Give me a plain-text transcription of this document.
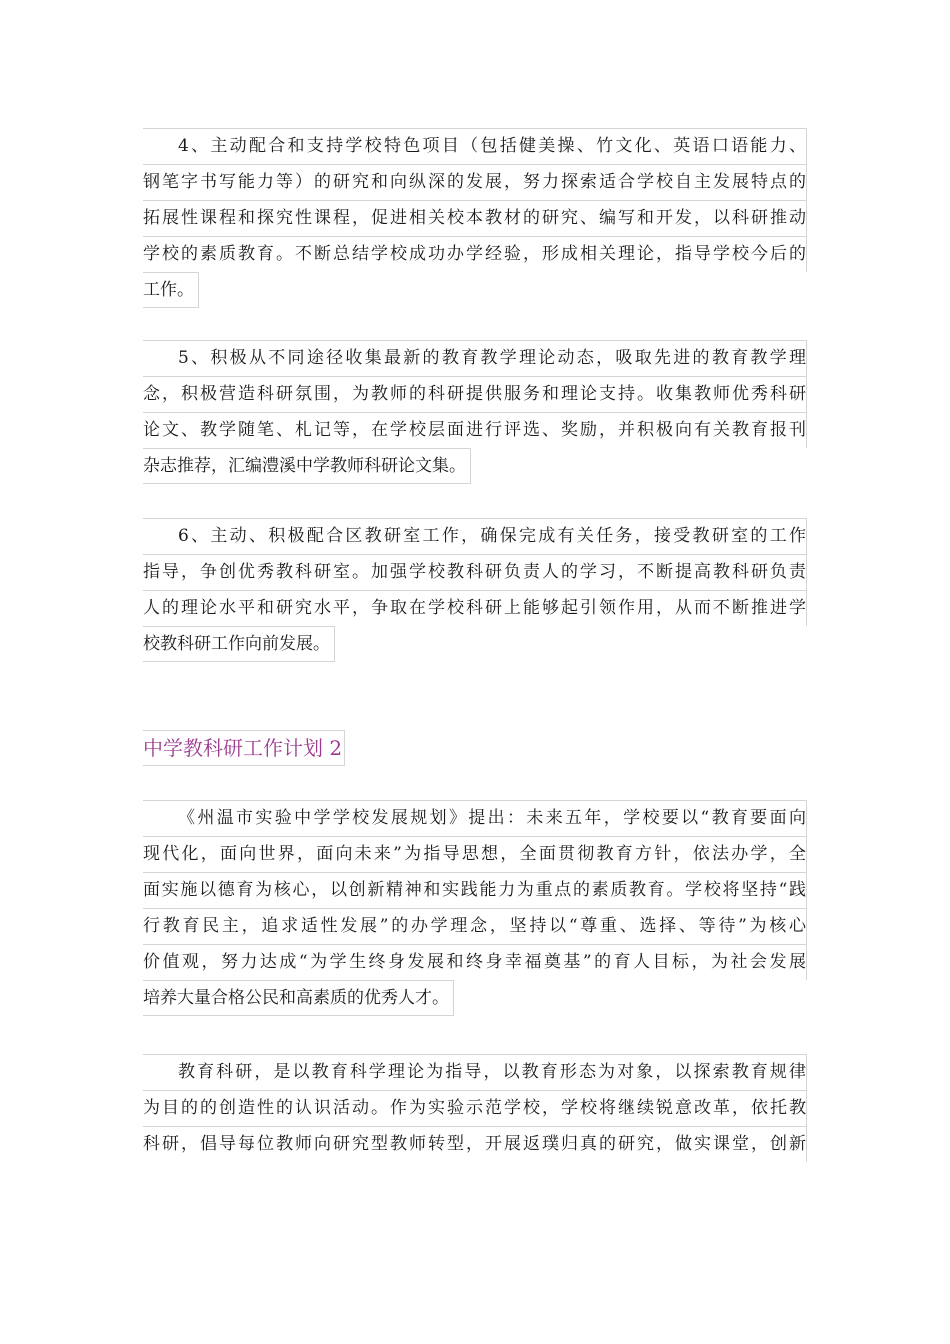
4、主动配合和支持学校特色项目（包括健美操、竹文化、英语口语能力、
钢笔字书写能力等）的研究和向纵深的发展，努力探索适合学校自主发展特点的
拓展性课程和探究性课程，促进相关校本教材的研究、编写和开发，以科研推动
学校的素质教育。不断总结学校成功办学经验，形成相关理论，指导学校今后的
工作。
5、积极从不同途径收集最新的教育教学理论动态，吸取先进的教育教学理
念，积极营造科研氛围，为教师的科研提供服务和理论支持。收集教师优秀科研
论文、教学随笔、札记等，在学校层面进行评选、奖励，并积极向有关教育报刊
杂志推荐，汇编澧溪中学教师科研论文集。
6、主动、积极配合区教研室工作，确保完成有关任务，接受教研室的工作
指导，争创优秀教科研室。加强学校教科研负责人的学习，不断提高教科研负责
人的理论水平和研究水平，争取在学校科研上能够起引领作用，从而不断推进学
校教科研工作向前发展。
中学教科研工作计划 2
《州温市实验中学学校发展规划》提出：未来五年，学校要以“教育要面向
现代化，面向世界，面向未来”为指导思想，全面贯彻教育方针，依法办学，全
面实施以德育为核心，以创新精神和实践能力为重点的素质教育。学校将坚持“践
行教育民主，追求适性发展”的办学理念，坚持以“尊重、选择、等待”为核心
价值观，努力达成“为学生终身发展和终身幸福奠基”的育人目标，为社会发展
培养大量合格公民和高素质的优秀人才。
教育科研，是以教育科学理论为指导，以教育形态为对象，以探索教育规律
为目的的创造性的认识活动。作为实验示范学校，学校将继续锐意改革，依托教
科研，倡导每位教师向研究型教师转型，开展返璞归真的研究，做实课堂，创新
